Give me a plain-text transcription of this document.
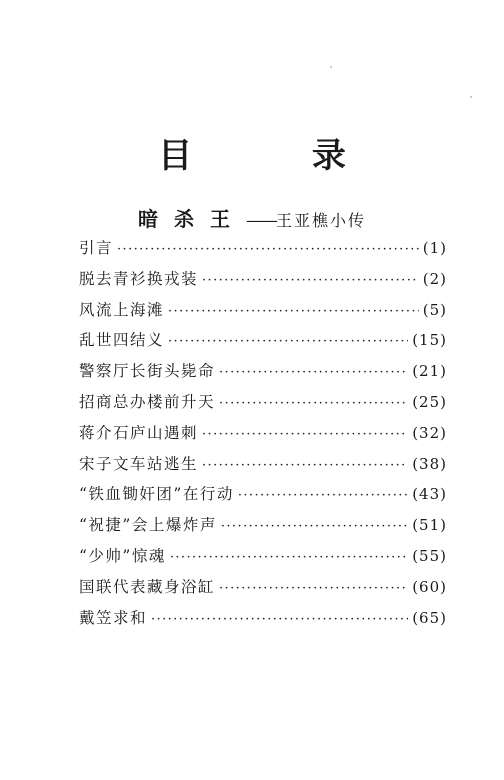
目 录
暗杀王——王亚樵小传
引言 ·····	(1)
脱去青衫换戎装 ·····	(2)
风流上海滩 ·····	(5)
乱世四结义 ·····	(15)
警察厅长街头毙命 ·····	(21)
招商总办楼前升天 ·····	(25)
蒋介石庐山遇刺 ·····	(32)
宋子文车站逃生 ·····	(38)
“铁血锄奸团”在行动 ·····	(43)
“祝捷”会上爆炸声 ·····	(51)
“少帅”惊魂 ·····	(55)
国联代表藏身浴缸 ·····	(60)
戴笠求和 ·····	(65)
